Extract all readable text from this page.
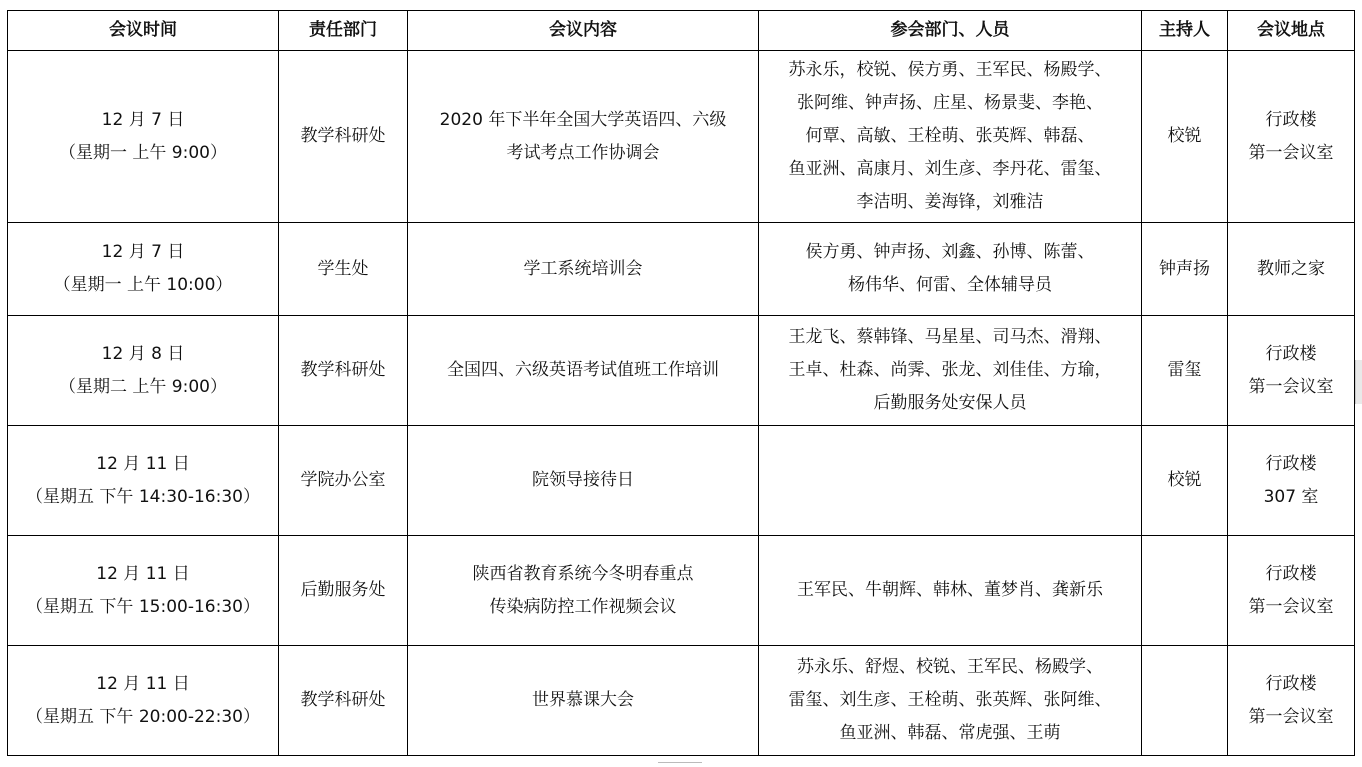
会议时间	责任部门	会议内容	参会部门、人员	主持人	会议地点

12 月 7 日
（星期一 上午 9:00）	教学科研处	2020 年下半年全国大学英语四、六级
考试考点工作协调会	苏永乐，校锐、侯方勇、王军民、杨殿学、
张阿维、钟声扬、庄星、杨景斐、李艳、
何覃、高敏、王栓萌、张英辉、韩磊、
鱼亚洲、高康月、刘生彦、李丹花、雷玺、
李洁明、姜海锋，刘雅洁	校锐	行政楼
第一会议室

12 月 7 日
（星期一 上午 10:00）	学生处	学工系统培训会	侯方勇、钟声扬、刘鑫、孙博、陈蕾、
杨伟华、何雷、全体辅导员	钟声扬	教师之家

12 月 8 日
（星期二 上午 9:00）	教学科研处	全国四、六级英语考试值班工作培训	王龙飞、蔡韩锋、马星星、司马杰、滑翔、
王卓、杜森、尚霁、张龙、刘佳佳、方瑜，
后勤服务处安保人员	雷玺	行政楼
第一会议室

12 月 11 日
（星期五 下午 14:30-16:30）	学院办公室	院领导接待日		校锐	行政楼
307 室

12 月 11 日
（星期五 下午 15:00-16:30）	后勤服务处	陕西省教育系统今冬明春重点
传染病防控工作视频会议	王军民、牛朝辉、韩林、董梦肖、龚新乐		行政楼
第一会议室

12 月 11 日
（星期五 下午 20:00-22:30）	教学科研处	世界慕课大会	苏永乐、舒煜、校锐、王军民、杨殿学、
雷玺、刘生彦、王栓萌、张英辉、张阿维、
鱼亚洲、韩磊、常虎强、王萌		行政楼
第一会议室
